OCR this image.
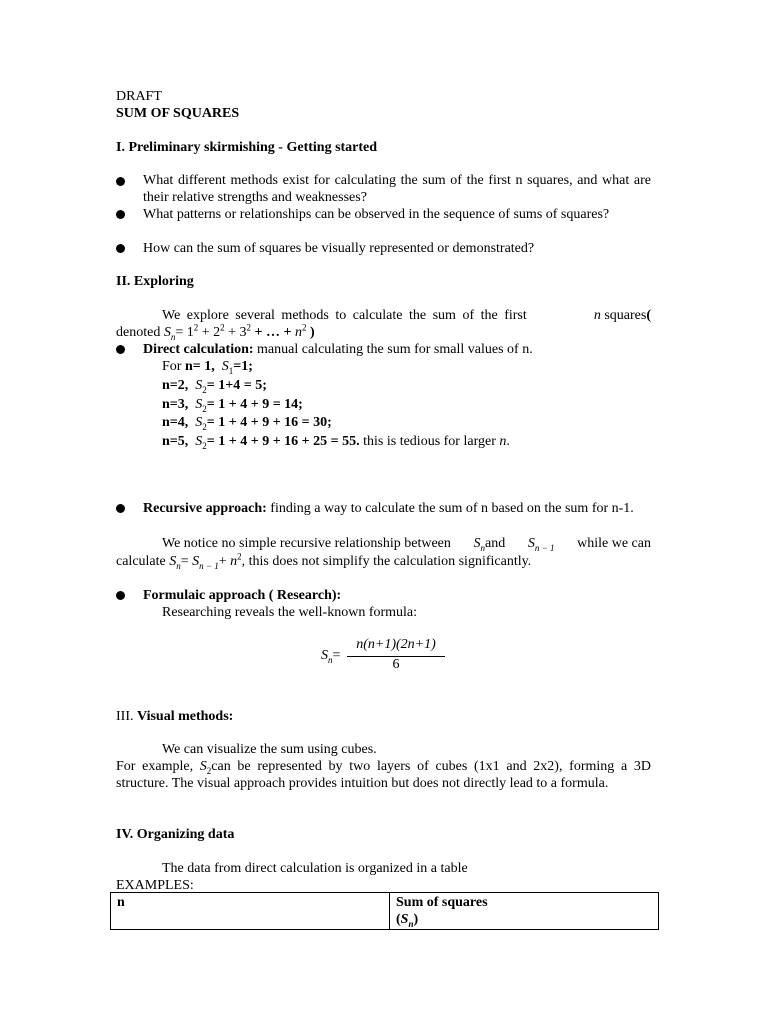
DRAFT
SUM OF SQUARES
I. Preliminary skirmishing - Getting started
What different methods exist for calculating the sum of the first n squares, and what are their relative strengths and weaknesses?
What patterns or relationships can be observed in the sequence of sums of squares?
How can the sum of squares be visually represented or demonstrated?
II. Exploring
We explore several methods to calculate the sum of the first	n squares(
denoted $S_n= 1^2 + 2^2 + 3^2$ + … + $n^2$ )
Direct calculation: manual calculating the sum for small values of n.
For n= 1, $S_1=1$;
n=2, $S_2= 1+4 = 5$;
n=3, $S_2= 1 + 4 + 9 = 14$;
n=4, $S_2= 1 + 4 + 9 + 16 = 30$;
n=5, $S_2= 1 + 4 + 9 + 16 + 25 = 55$. this is tedious for larger n.
Recursive approach: finding a way to calculate the sum of n based on the sum for n-1.
We notice no simple recursive relationship between $S_nand$ $S_{n - 1}$ while we can
calculate $S_n= S_{n - 1}+ n^2$, this does not simplify the calculation significantly.
Formulaic approach ( Research):
Researching reveals the well-known formula:
$S_n=$
n(n+1)(2n+1)
6
III. Visual methods:
We can visualize the sum using cubes.
For example, $S_2can$ be represented by two layers of cubes (1x1 and 2x2), forming a 3D structure. The visual approach provides intuition but does not directly lead to a formula.
IV. Organizing data
The data from direct calculation is organized in a table
EXAMPLES:
n	Sum of squares
$(S_n)$
